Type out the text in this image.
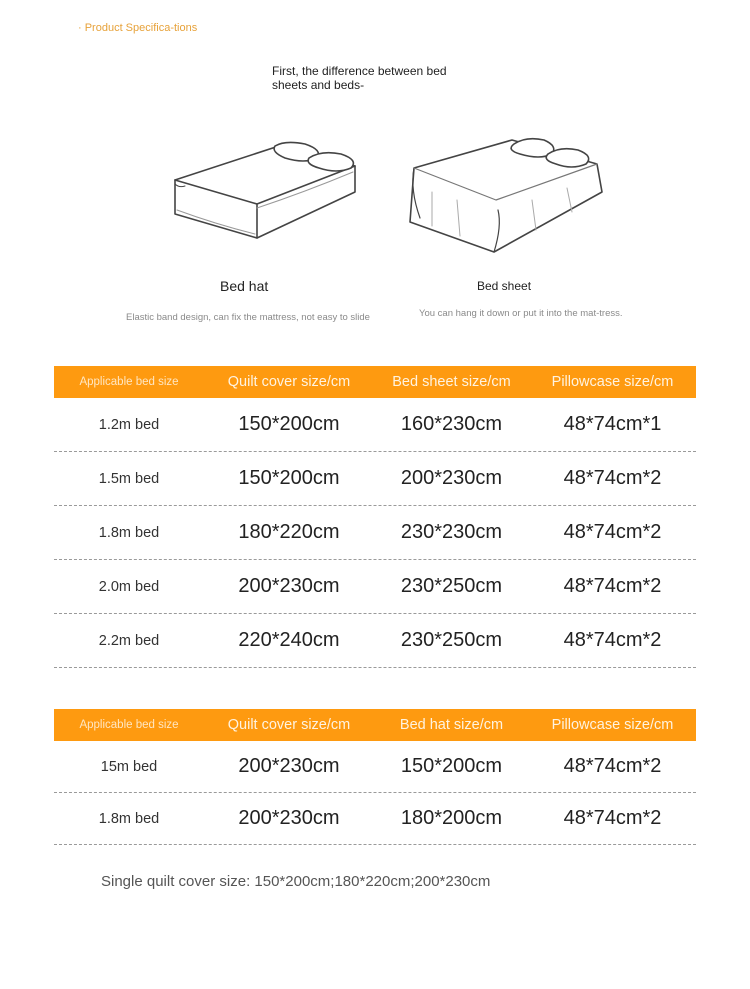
· Product Specifica-tions
First, the difference between bed sheets and beds-
Bed hat	Bed sheet
Elastic band design, can fix the mattress, not easy to slide	You can hang it down or put it into the mat-tress.
Applicable bed size	Quilt cover size/cm	Bed sheet size/cm	Pillowcase size/cm
1.2m bed	150*200cm	160*230cm	48*74cm*1
1.5m bed	150*200cm	200*230cm	48*74cm*2
1.8m bed	180*220cm	230*230cm	48*74cm*2
2.0m bed	200*230cm	230*250cm	48*74cm*2
2.2m bed	220*240cm	230*250cm	48*74cm*2
Applicable bed size	Quilt cover size/cm	Bed hat size/cm	Pillowcase size/cm
15m bed	200*230cm	150*200cm	48*74cm*2
1.8m bed	200*230cm	180*200cm	48*74cm*2
Single quilt cover size: 150*200cm;180*220cm;200*230cm
